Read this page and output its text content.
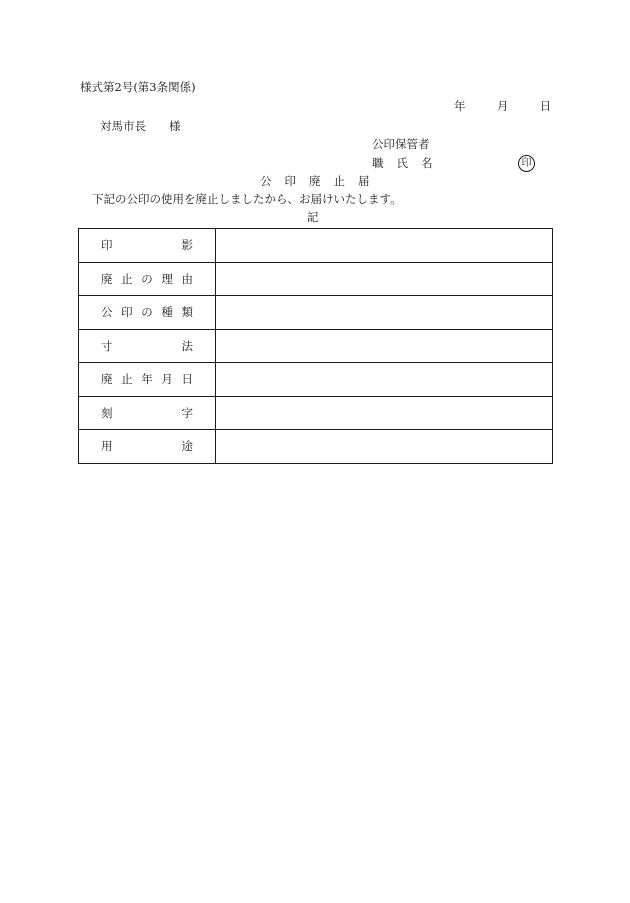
様式第2号(第3条関係)
年	月	日
対馬市長　　様
公印保管者
職 氏 名	印
公 印 廃 止 届
下記の公印の使用を廃止しましたから、お届けいたします。
記
印 影	

廃 止 の 理 由	

公 印 の 種 類	

寸 法	

廃 止 年 月 日	

刻 字	

用 途	
